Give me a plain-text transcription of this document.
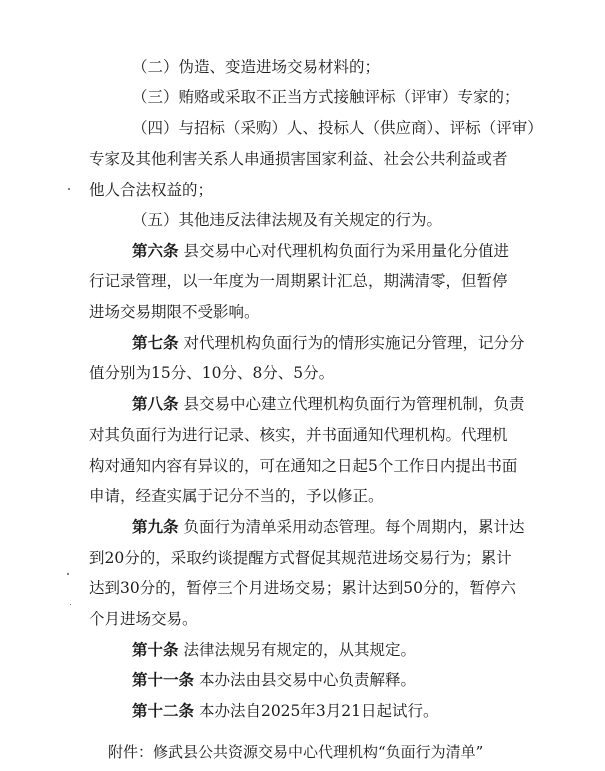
（二）伪造、变造进场交易材料的；
（三）贿赂或采取不正当方式接触评标（评审）专家的；
（四）与招标（采购）人、投标人（供应商）、评标（评审）
专家及其他利害关系人串通损害国家利益、社会公共利益或者
他人合法权益的；
（五）其他违反法律法规及有关规定的行为。
第六条 县交易中心对代理机构负面行为采用量化分值进
行记录管理，以一年度为一周期累计汇总，期满清零，但暂停
进场交易期限不受影响。
第七条 对代理机构负面行为的情形实施记分管理，记分分
值分别为15分、10分、8分、5分。
第八条 县交易中心建立代理机构负面行为管理机制，负责
对其负面行为进行记录、核实，并书面通知代理机构。代理机
构对通知内容有异议的，可在通知之日起5个工作日内提出书面
申请，经查实属于记分不当的，予以修正。
第九条 负面行为清单采用动态管理。每个周期内，累计达
到20分的，采取约谈提醒方式督促其规范进场交易行为；累计
达到30分的，暂停三个月进场交易；累计达到50分的，暂停六
个月进场交易。
第十条 法律法规另有规定的，从其规定。
第十一条 本办法由县交易中心负责解释。
第十二条 本办法自2025年3月21日起试行。
附件：修武县公共资源交易中心代理机构“负面行为清单”
